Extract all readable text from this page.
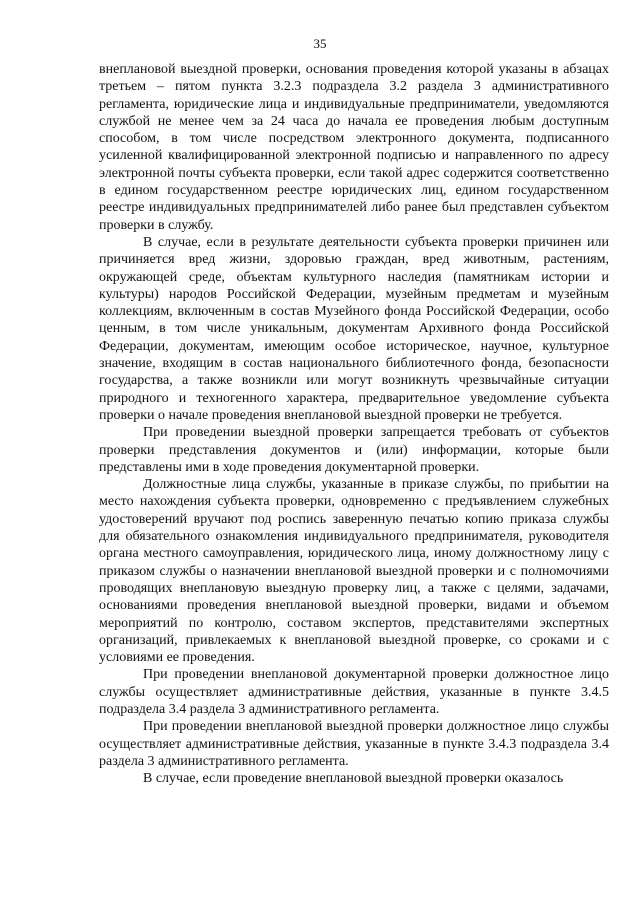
35

внеплановой выездной проверки, основания проведения которой указаны в абзацах третьем – пятом пункта 3.2.3 подраздела 3.2 раздела 3 административного регламента, юридические лица и индивидуальные предприниматели, уведомляются службой не менее чем за 24 часа до начала ее проведения любым доступным способом, в том числе посредством электронного документа, подписанного усиленной квалифицированной электронной подписью и направленного по адресу электронной почты субъекта проверки, если такой адрес содержится соответственно в едином государственном реестре юридических лиц, едином государственном реестре индивидуальных предпринимателей либо ранее был представлен субъектом проверки в службу.

В случае, если в результате деятельности субъекта проверки причинен или причиняется вред жизни, здоровью граждан, вред животным, растениям, окружающей среде, объектам культурного наследия (памятникам истории и культуры) народов Российской Федерации, музейным предметам и музейным коллекциям, включенным в состав Музейного фонда Российской Федерации, особо ценным, в том числе уникальным, документам Архивного фонда Российской Федерации, документам, имеющим особое историческое, научное, культурное значение, входящим в состав национального библиотечного фонда, безопасности государства, а также возникли или могут возникнуть чрезвычайные ситуации природного и техногенного характера, предварительное уведомление субъекта проверки о начале проведения внеплановой выездной проверки не требуется.

При проведении выездной проверки запрещается требовать от субъектов проверки представления документов и (или) информации, которые были представлены ими в ходе проведения документарной проверки.

Должностные лица службы, указанные в приказе службы, по прибытии на место нахождения субъекта проверки, одновременно с предъявлением служебных удостоверений вручают под роспись заверенную печатью копию приказа службы для обязательного ознакомления индивидуального предпринимателя, руководителя органа местного самоуправления, юридического лица, иному должностному лицу с приказом службы о назначении внеплановой выездной проверки и с полномочиями проводящих внеплановую выездную проверку лиц, а также с целями, задачами, основаниями проведения внеплановой выездной проверки, видами и объемом мероприятий по контролю, составом экспертов, представителями экспертных организаций, привлекаемых к внеплановой выездной проверке, со сроками и с условиями ее проведения.

При проведении внеплановой документарной проверки должностное лицо службы осуществляет административные действия, указанные в пункте 3.4.5 подраздела 3.4 раздела 3 административного регламента.

При проведении внеплановой выездной проверки должностное лицо службы осуществляет административные действия, указанные в пункте 3.4.3 подраздела 3.4 раздела 3 административного регламента.

В случае, если проведение внеплановой выездной проверки оказалось
